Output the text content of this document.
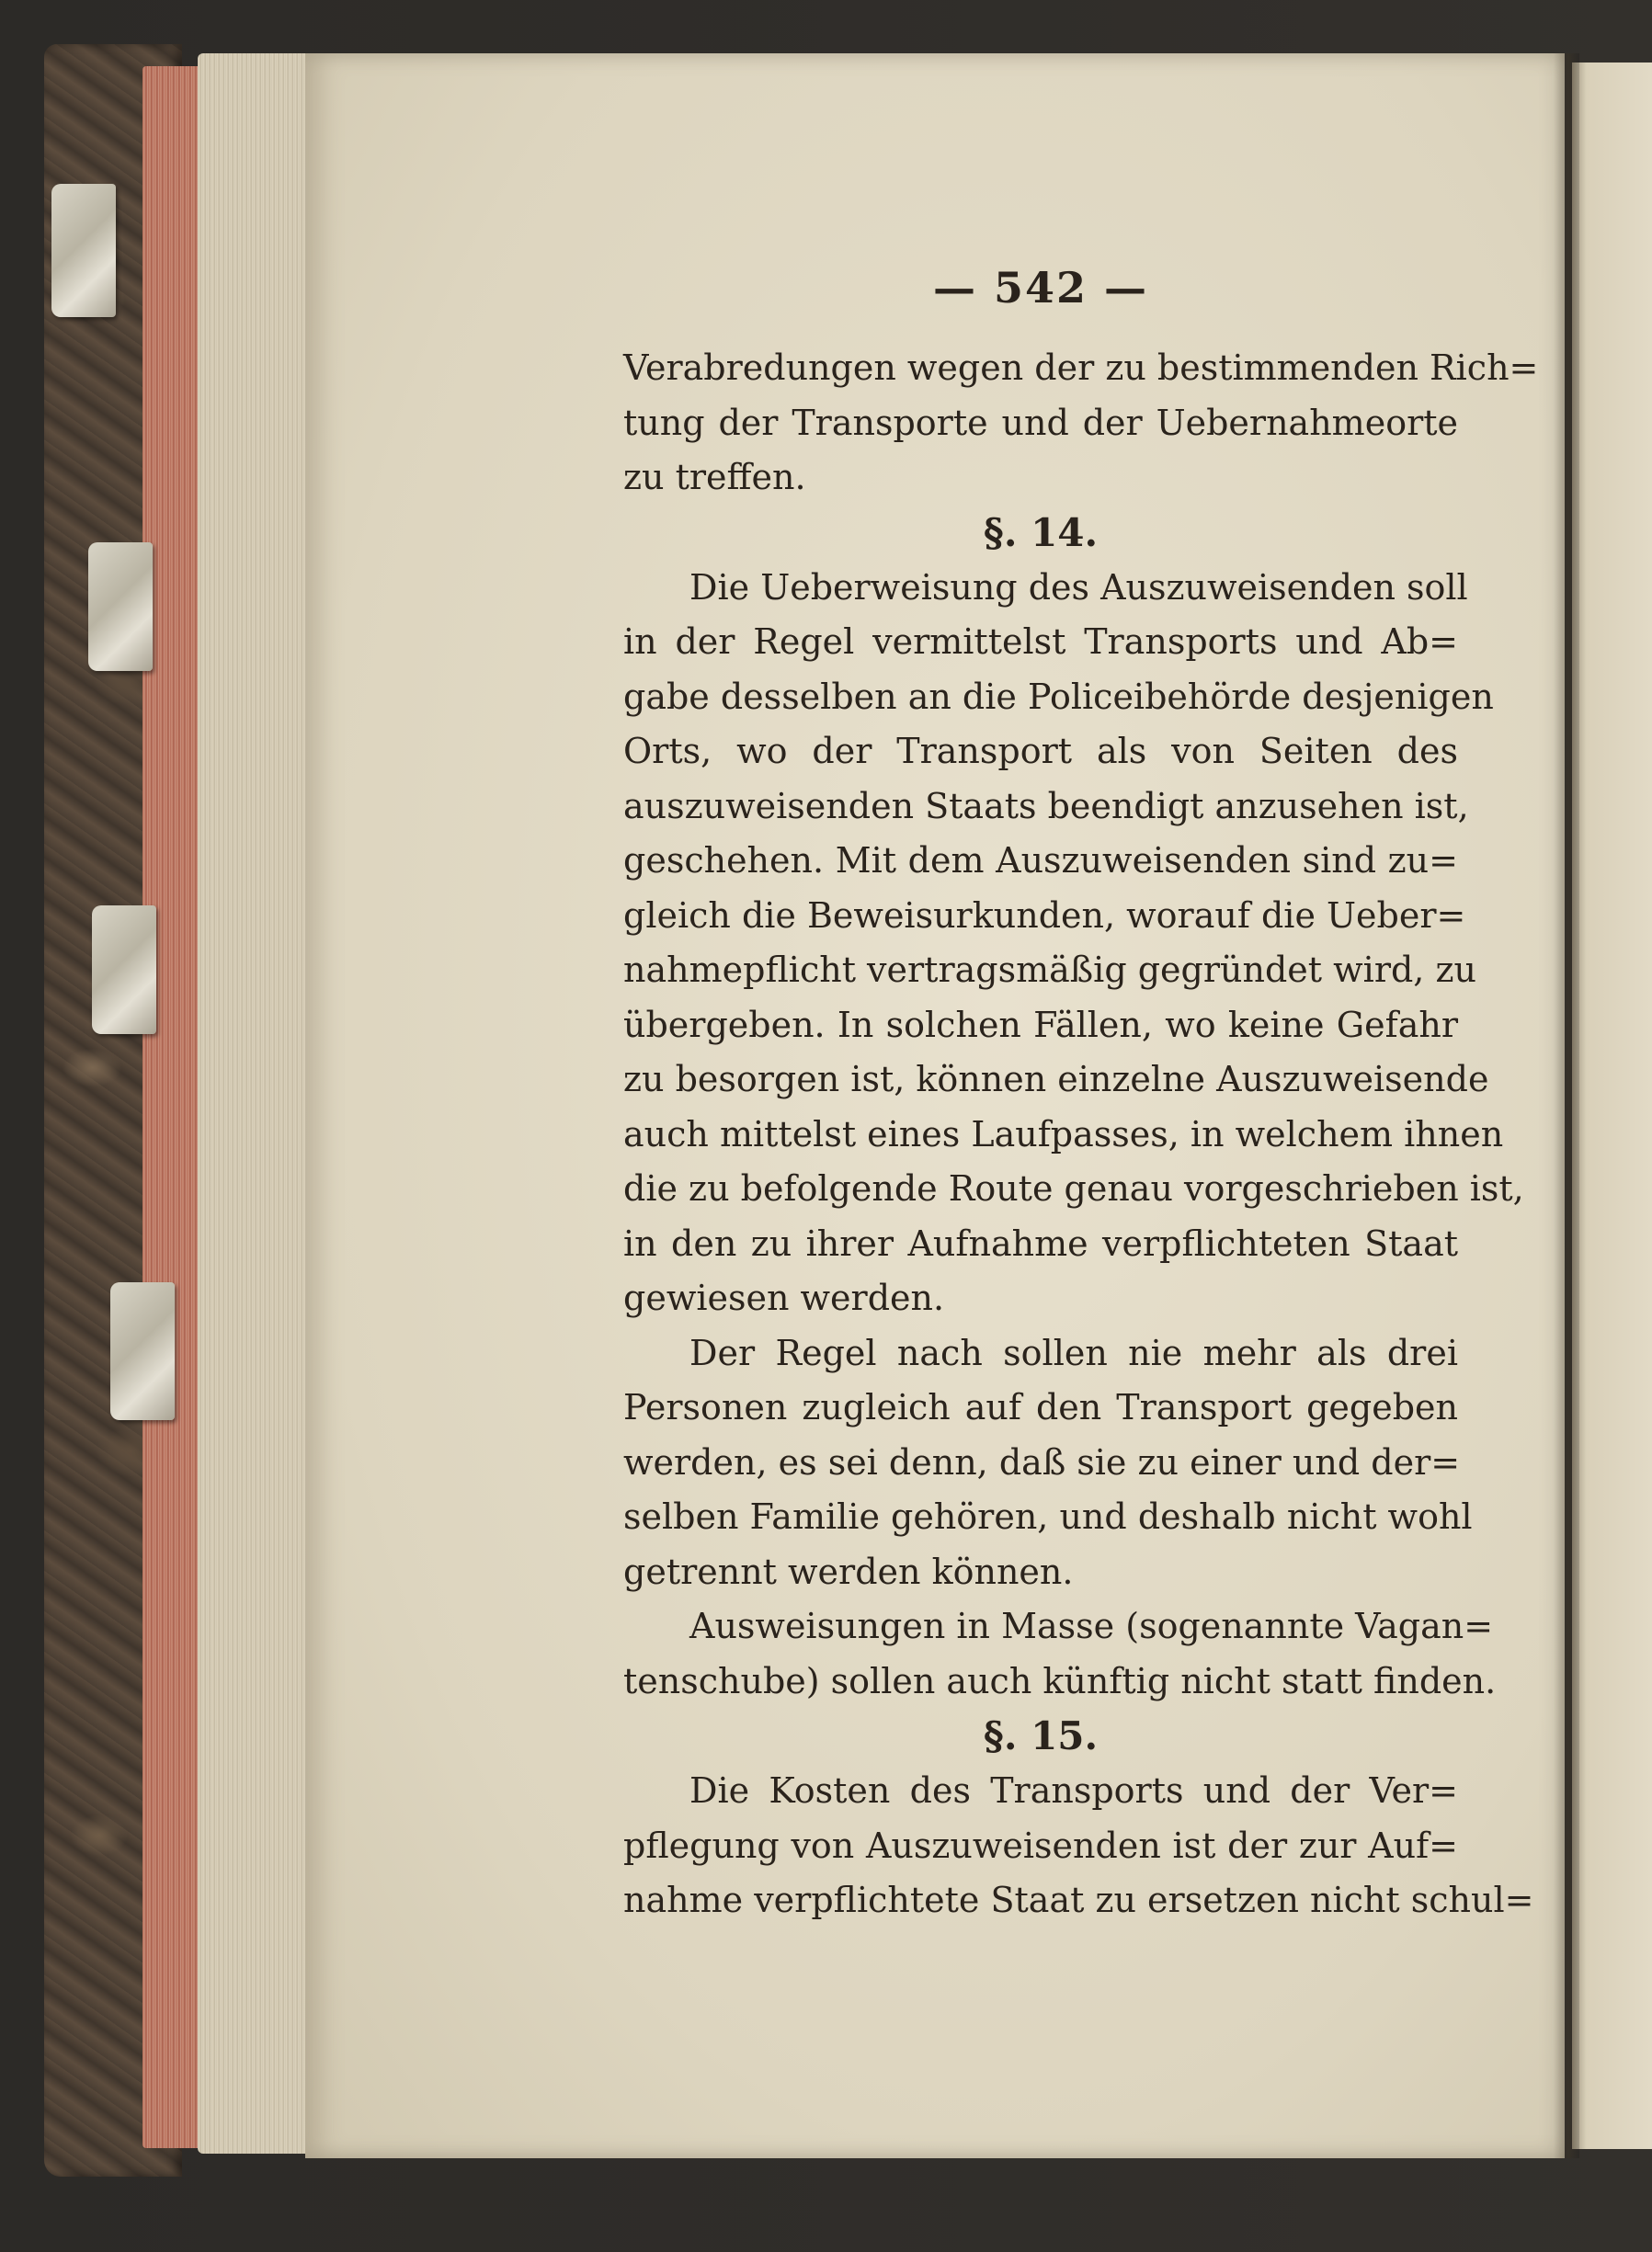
— 542 —
Verabredungen wegen der zu bestimmenden Rich=
tung der Transporte und der Uebernahmeorte
zu treffen.
§. 14.
Die Ueberweisung des Auszuweisenden soll
in der Regel vermittelst Transports und Ab=
gabe desselben an die Policeibehörde desjenigen
Orts, wo der Transport als von Seiten des
auszuweisenden Staats beendigt anzusehen ist,
geschehen. Mit dem Auszuweisenden sind zu=
gleich die Beweisurkunden, worauf die Ueber=
nahmepflicht vertragsmäßig gegründet wird, zu
übergeben. In solchen Fällen, wo keine Gefahr
zu besorgen ist, können einzelne Auszuweisende
auch mittelst eines Laufpasses, in welchem ihnen
die zu befolgende Route genau vorgeschrieben ist,
in den zu ihrer Aufnahme verpflichteten Staat
gewiesen werden.
Der Regel nach sollen nie mehr als drei
Personen zugleich auf den Transport gegeben
werden, es sei denn, daß sie zu einer und der=
selben Familie gehören, und deshalb nicht wohl
getrennt werden können.
Ausweisungen in Masse (sogenannte Vagan=
tenschube) sollen auch künftig nicht statt finden.
§. 15.
Die Kosten des Transports und der Ver=
pflegung von Auszuweisenden ist der zur Auf=
nahme verpflichtete Staat zu ersetzen nicht schul=
